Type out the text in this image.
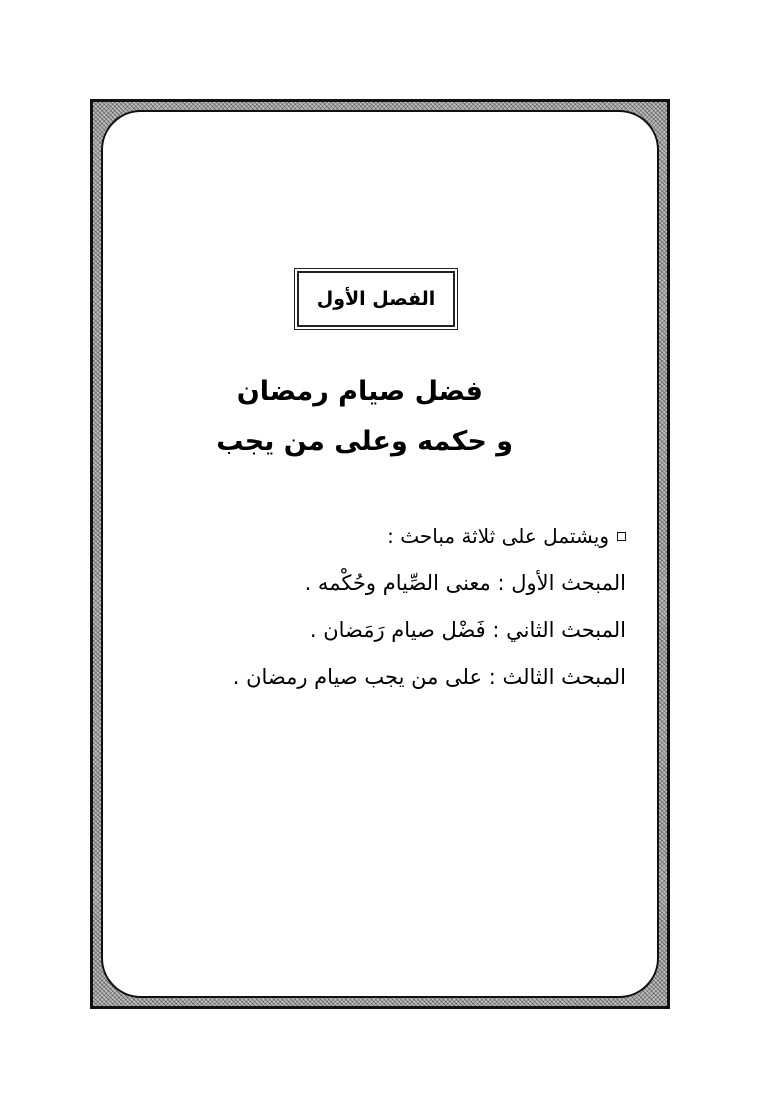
الفصل الأول
فضل صيام رمضان
و حكمه وعلى من يجب
ويشتمل على ثلاثة مباحث :
المبحث الأول : معنى الصِّيام وحُكْمه .
المبحث الثاني : فَضْل صيام رَمَضان .
المبحث الثالث : على من يجب صيام رمضان .
